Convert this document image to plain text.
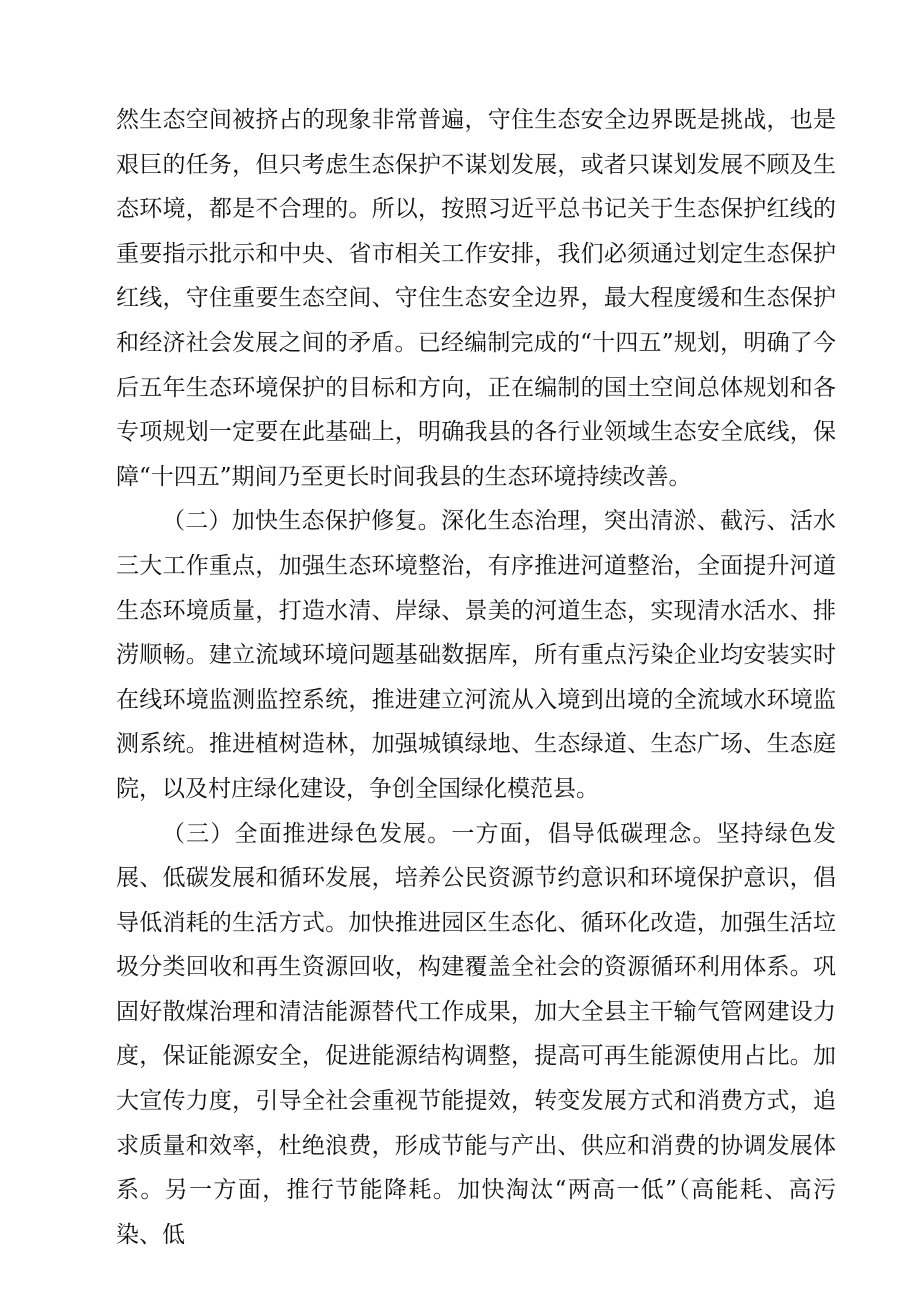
然生态空间被挤占的现象非常普遍，守住生态安全边界既是挑战，也是艰巨的任务，但只考虑生态保护不谋划发展，或者只谋划发展不顾及生态环境，都是不合理的。所以，按照习近平总书记关于生态保护红线的重要指示批示和中央、省市相关工作安排，我们必须通过划定生态保护红线，守住重要生态空间、守住生态安全边界，最大程度缓和生态保护和经济社会发展之间的矛盾。已经编制完成的“十四五”规划，明确了今后五年生态环境保护的目标和方向，正在编制的国土空间总体规划和各专项规划一定要在此基础上，明确我县的各行业领域生态安全底线，保障“十四五”期间乃至更长时间我县的生态环境持续改善。

（二）加快生态保护修复。深化生态治理，突出清淤、截污、活水三大工作重点，加强生态环境整治，有序推进河道整治，全面提升河道生态环境质量，打造水清、岸绿、景美的河道生态，实现清水活水、排涝顺畅。建立流域环境问题基础数据库，所有重点污染企业均安装实时在线环境监测监控系统，推进建立河流从入境到出境的全流域水环境监测系统。推进植树造林，加强城镇绿地、生态绿道、生态广场、生态庭院，以及村庄绿化建设，争创全国绿化模范县。

（三）全面推进绿色发展。一方面，倡导低碳理念。坚持绿色发展、低碳发展和循环发展，培养公民资源节约意识和环境保护意识，倡导低消耗的生活方式。加快推进园区生态化、循环化改造，加强生活垃圾分类回收和再生资源回收，构建覆盖全社会的资源循环利用体系。巩固好散煤治理和清洁能源替代工作成果，加大全县主干输气管网建设力度，保证能源安全，促进能源结构调整，提高可再生能源使用占比。加大宣传力度，引导全社会重视节能提效，转变发展方式和消费方式，追求质量和效率，杜绝浪费，形成节能与产出、供应和消费的协调发展体系。另一方面，推行节能降耗。加快淘汰“两高一低”（高能耗、高污染、低
